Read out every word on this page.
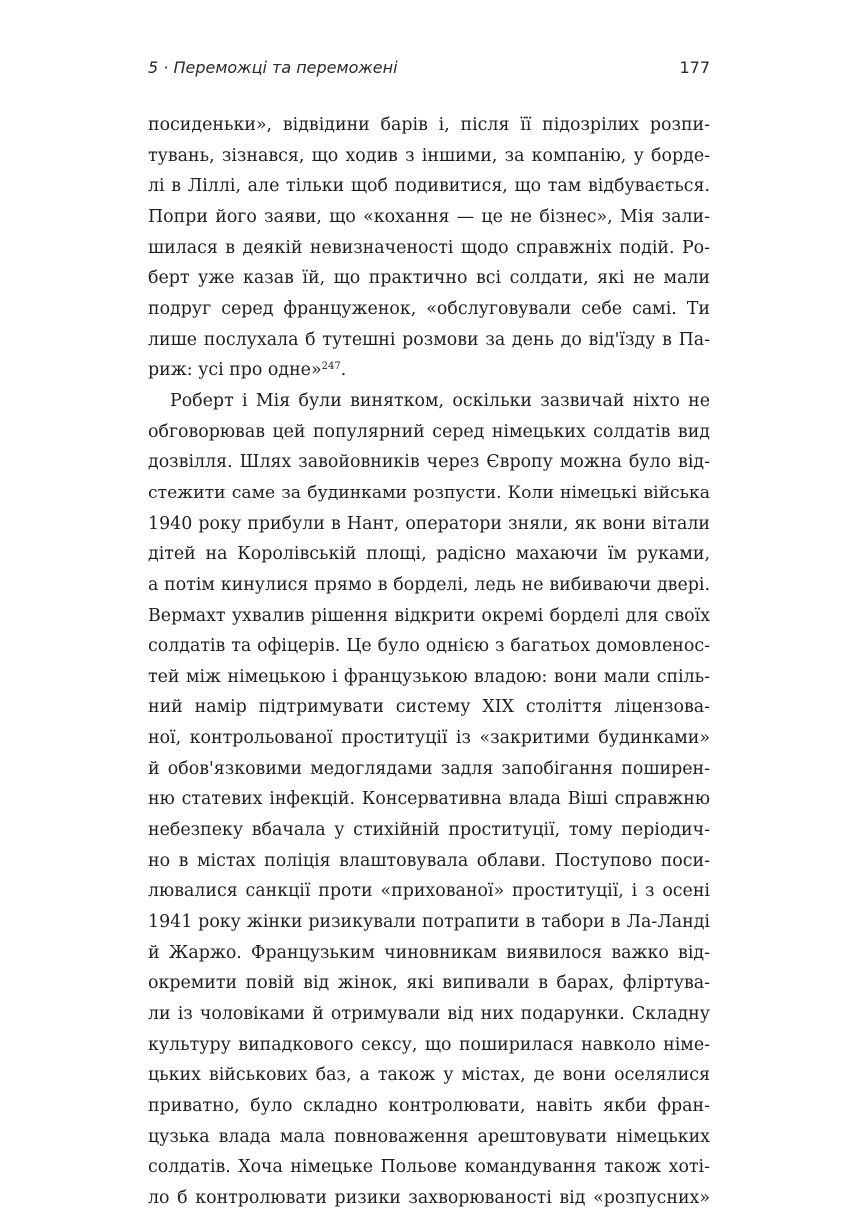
5 · Переможці та переможені	177
посиденьки», відвідини барів і, після її підозрілих розпи-
тувань, зізнався, що ходив з іншими, за компанію, у борде-
лі в Ліллі, але тільки щоб подивитися, що там відбувається.
Попри його заяви, що «кохання — це не бізнес», Мія зали-
шилася в деякій невизначеності щодо справжніх подій. Ро-
берт уже казав їй, що практично всі солдати, які не мали
подруг серед француженок, «обслуговували себе самі. Ти
лише послухала б тутешні розмови за день до від'їзду в Па-
риж: усі про одне»$^{247}$.
Роберт і Мія були винятком, оскільки зазвичай ніхто не
обговорював цей популярний серед німецьких солдатів вид
дозвілля. Шлях завойовників через Європу можна було від-
стежити саме за будинками розпусти. Коли німецькі війська
1940 року прибули в Нант, оператори зняли, як вони вітали
дітей на Королівській площі, радісно махаючи їм руками,
а потім кинулися прямо в борделі, ледь не вибиваючи двері.
Вермахт ухвалив рішення відкрити окремі борделі для своїх
солдатів та офіцерів. Це було однією з багатьох домовленос-
тей між німецькою і французькою владою: вони мали спіль-
ний намір підтримувати систему XIX століття ліцензова-
ної, контрольованої проституції із «закритими будинками»
й обов'язковими медоглядами задля запобігання поширен-
ню статевих інфекцій. Консервативна влада Віші справжню
небезпеку вбачала у стихійній проституції, тому періодич-
но в містах поліція влаштовувала облави. Поступово поси-
лювалися санкції проти «прихованої» проституції, і з осені
1941 року жінки ризикували потрапити в табори в Ла-Ланді
й Жаржо. Французьким чиновникам виявилося важко від-
окремити повій від жінок, які випивали в барах, фліртува-
ли із чоловіками й отримували від них подарунки. Складну
культуру випадкового сексу, що поширилася навколо німе-
цьких військових баз, а також у містах, де вони оселялися
приватно, було складно контролювати, навіть якби фран-
цузька влада мала повноваження арештовувати німецьких
солдатів. Хоча німецьке Польове командування також хоті-
ло б контролювати ризики захворюваності від «розпусних»
